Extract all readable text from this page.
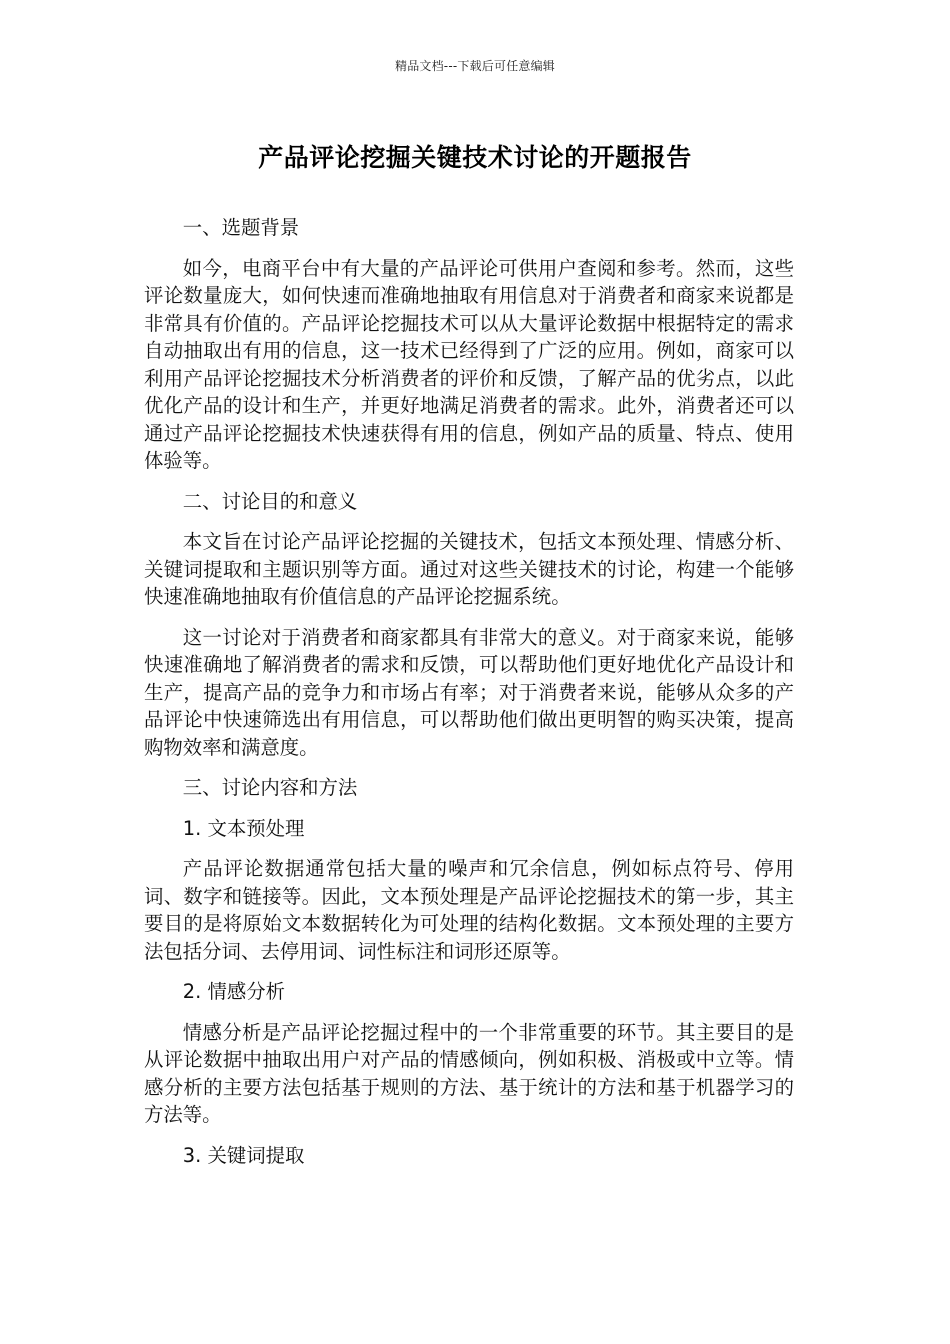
精品文档---下载后可任意编辑
产品评论挖掘关键技术讨论的开题报告

一、选题背景

如今，电商平台中有大量的产品评论可供用户查阅和参考。然而，这些评论数量庞大，如何快速而准确地抽取有用信息对于消费者和商家来说都是非常具有价值的。产品评论挖掘技术可以从大量评论数据中根据特定的需求自动抽取出有用的信息，这一技术已经得到了广泛的应用。例如，商家可以利用产品评论挖掘技术分析消费者的评价和反馈，了解产品的优劣点，以此优化产品的设计和生产，并更好地满足消费者的需求。此外，消费者还可以通过产品评论挖掘技术快速获得有用的信息，例如产品的质量、特点、使用体验等。

二、讨论目的和意义

本文旨在讨论产品评论挖掘的关键技术，包括文本预处理、情感分析、关键词提取和主题识别等方面。通过对这些关键技术的讨论，构建一个能够快速准确地抽取有价值信息的产品评论挖掘系统。

这一讨论对于消费者和商家都具有非常大的意义。对于商家来说，能够快速准确地了解消费者的需求和反馈，可以帮助他们更好地优化产品设计和生产，提高产品的竞争力和市场占有率；对于消费者来说，能够从众多的产品评论中快速筛选出有用信息，可以帮助他们做出更明智的购买决策，提高购物效率和满意度。

三、讨论内容和方法

1. 文本预处理

产品评论数据通常包括大量的噪声和冗余信息，例如标点符号、停用词、数字和链接等。因此，文本预处理是产品评论挖掘技术的第一步，其主要目的是将原始文本数据转化为可处理的结构化数据。文本预处理的主要方法包括分词、去停用词、词性标注和词形还原等。

2. 情感分析

情感分析是产品评论挖掘过程中的一个非常重要的环节。其主要目的是从评论数据中抽取出用户对产品的情感倾向，例如积极、消极或中立等。情感分析的主要方法包括基于规则的方法、基于统计的方法和基于机器学习的方法等。

3. 关键词提取
